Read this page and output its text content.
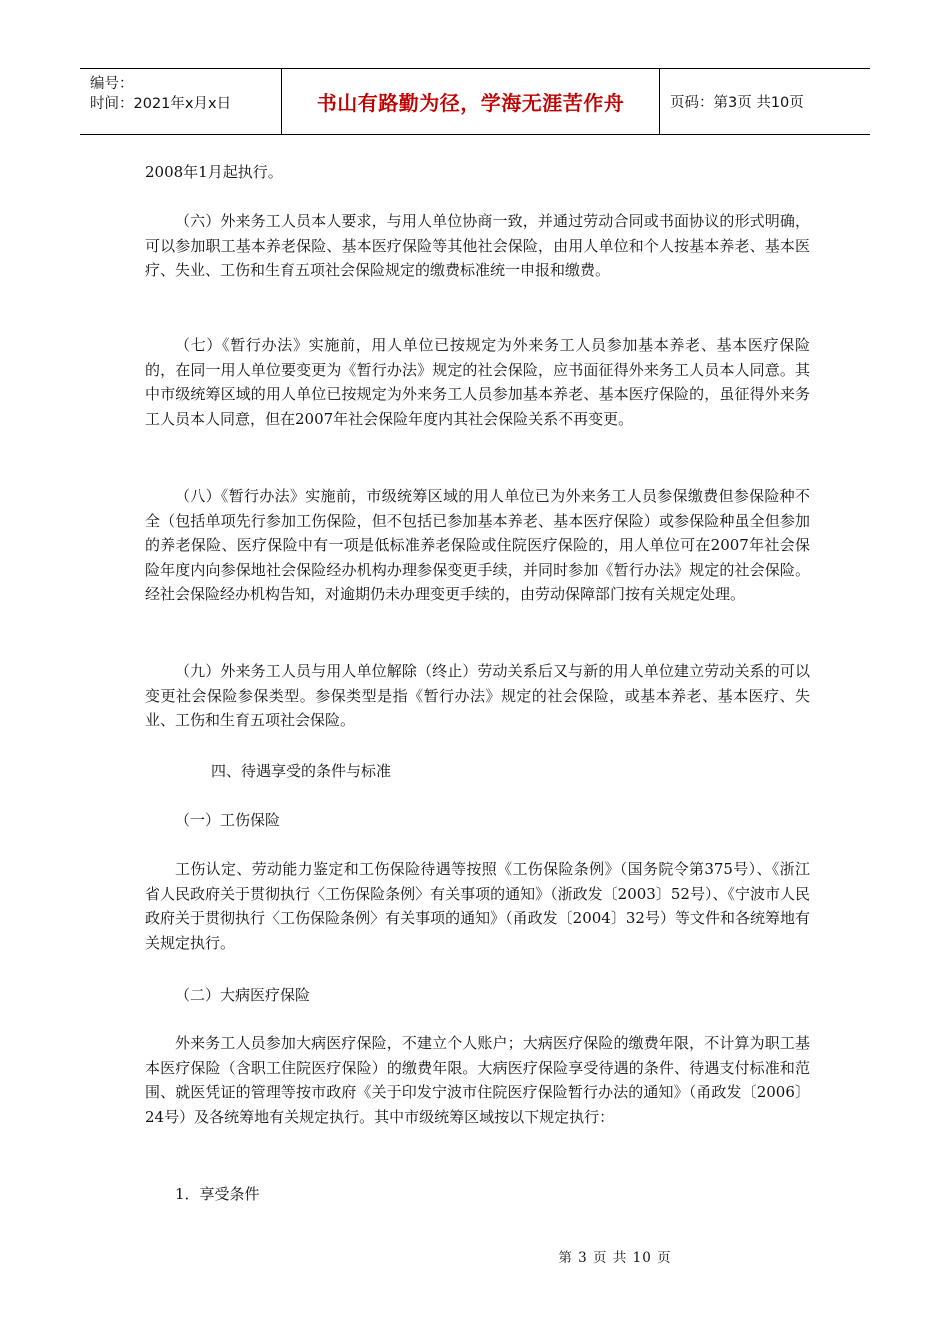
编号：
时间：2021年x月x日	书山有路勤为径，学海无涯苦作舟	页码：第3页 共10页
2008年1月起执行。
（六）外来务工人员本人要求，与用人单位协商一致，并通过劳动合同或书面协议的形式明确，可以参加职工基本养老保险、基本医疗保险等其他社会保险，由用人单位和个人按基本养老、基本医疗、失业、工伤和生育五项社会保险规定的缴费标准统一申报和缴费。
（七）《暂行办法》实施前，用人单位已按规定为外来务工人员参加基本养老、基本医疗保险的，在同一用人单位要变更为《暂行办法》规定的社会保险，应书面征得外来务工人员本人同意。其中市级统筹区域的用人单位已按规定为外来务工人员参加基本养老、基本医疗保险的，虽征得外来务工人员本人同意，但在2007年社会保险年度内其社会保险关系不再变更。
（八）《暂行办法》实施前，市级统筹区域的用人单位已为外来务工人员参保缴费但参保险种不全（包括单项先行参加工伤保险，但不包括已参加基本养老、基本医疗保险）或参保险种虽全但参加的养老保险、医疗保险中有一项是低标准养老保险或住院医疗保险的，用人单位可在2007年社会保险年度内向参保地社会保险经办机构办理参保变更手续，并同时参加《暂行办法》规定的社会保险。经社会保险经办机构告知，对逾期仍未办理变更手续的，由劳动保障部门按有关规定处理。
（九）外来务工人员与用人单位解除（终止）劳动关系后又与新的用人单位建立劳动关系的可以变更社会保险参保类型。参保类型是指《暂行办法》规定的社会保险，或基本养老、基本医疗、失业、工伤和生育五项社会保险。
四、待遇享受的条件与标准
（一）工伤保险
工伤认定、劳动能力鉴定和工伤保险待遇等按照《工伤保险条例》（国务院令第375号）、《浙江省人民政府关于贯彻执行〈工伤保险条例〉有关事项的通知》（浙政发〔2003〕52号）、《宁波市人民政府关于贯彻执行〈工伤保险条例〉有关事项的通知》（甬政发〔2004〕32号）等文件和各统筹地有关规定执行。
（二）大病医疗保险
外来务工人员参加大病医疗保险，不建立个人账户；大病医疗保险的缴费年限，不计算为职工基本医疗保险（含职工住院医疗保险）的缴费年限。大病医疗保险享受待遇的条件、待遇支付标准和范围、就医凭证的管理等按市政府《关于印发宁波市住院医疗保险暂行办法的通知》（甬政发〔2006〕24号）及各统筹地有关规定执行。其中市级统筹区域按以下规定执行：
1．享受条件
第 3 页 共 10 页
